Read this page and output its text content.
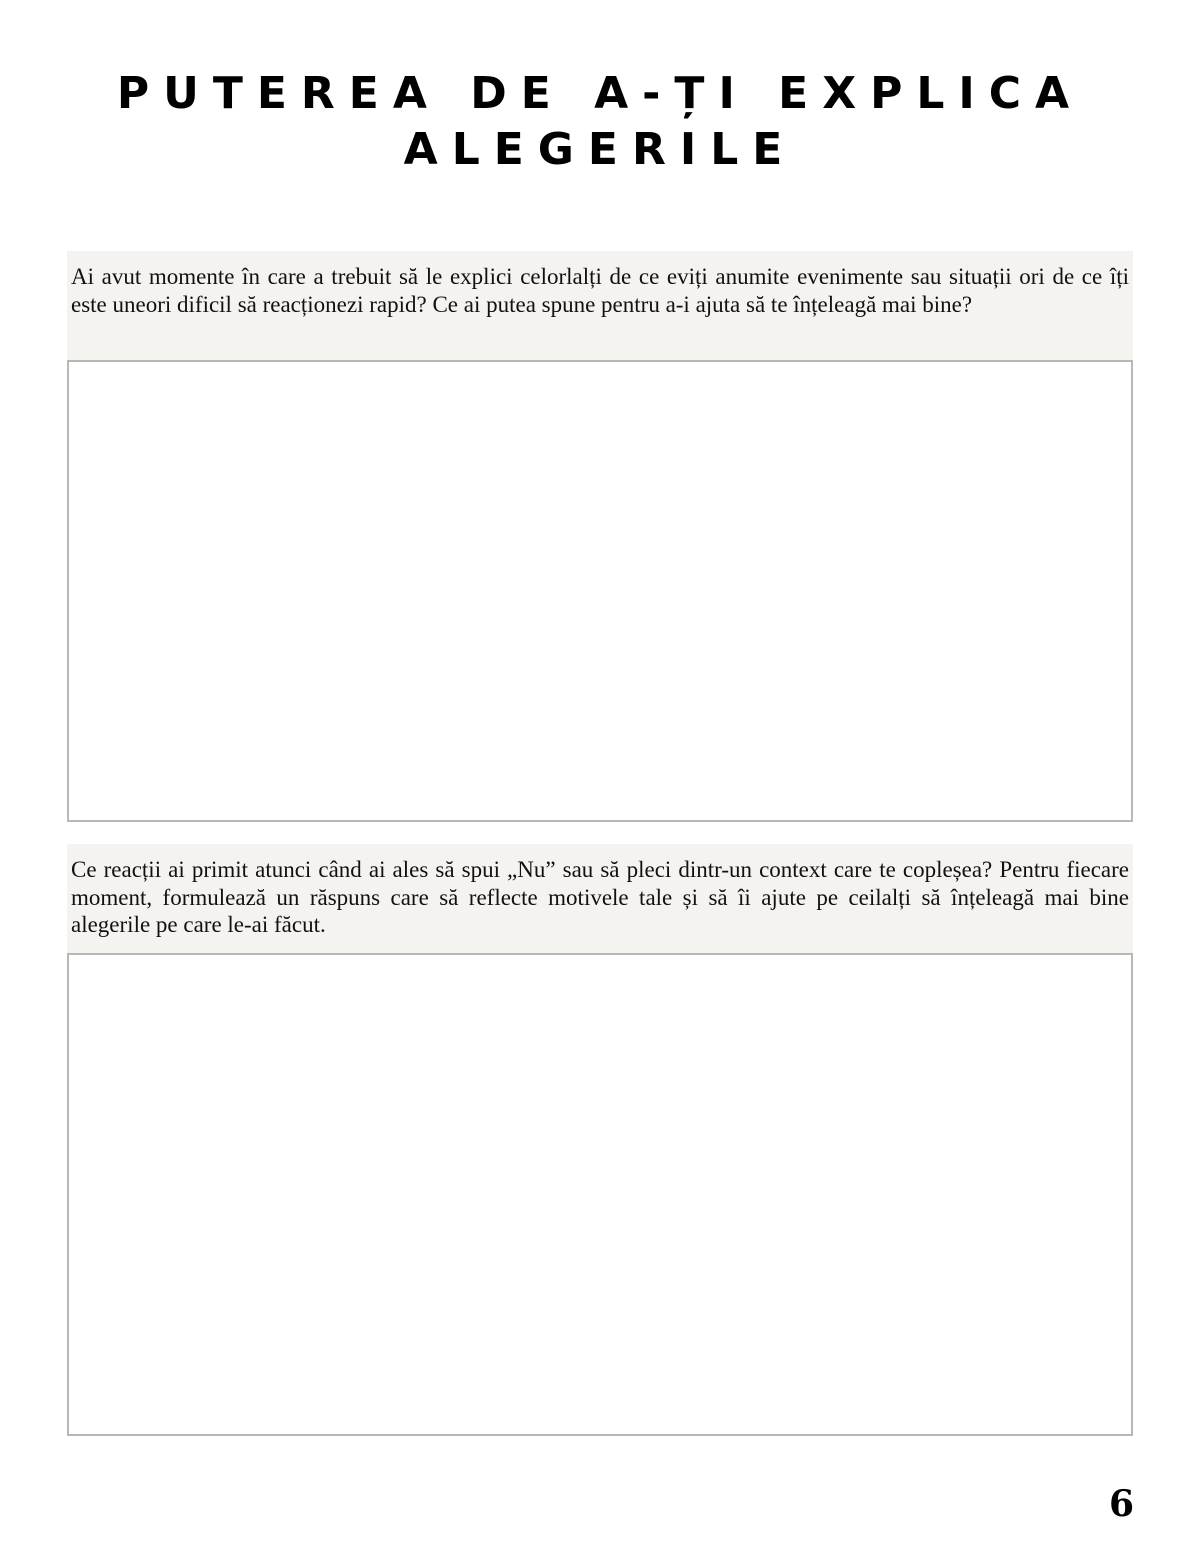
PUTEREA DE A-ȚI EXPLICA ALEGERILE

Ai avut momente în care a trebuit să le explici celorlalți de ce eviți anumite evenimente sau situații ori de ce îți este uneori dificil să reacționezi rapid? Ce ai putea spune pentru a-i ajuta să te înțeleagă mai bine?

Ce reacții ai primit atunci când ai ales să spui „Nu” sau să pleci dintr-un context care te copleșea? Pentru fiecare moment, formulează un răspuns care să reflecte motivele tale și să îi ajute pe ceilalți să înțeleagă mai bine alegerile pe care le-ai făcut.

6
